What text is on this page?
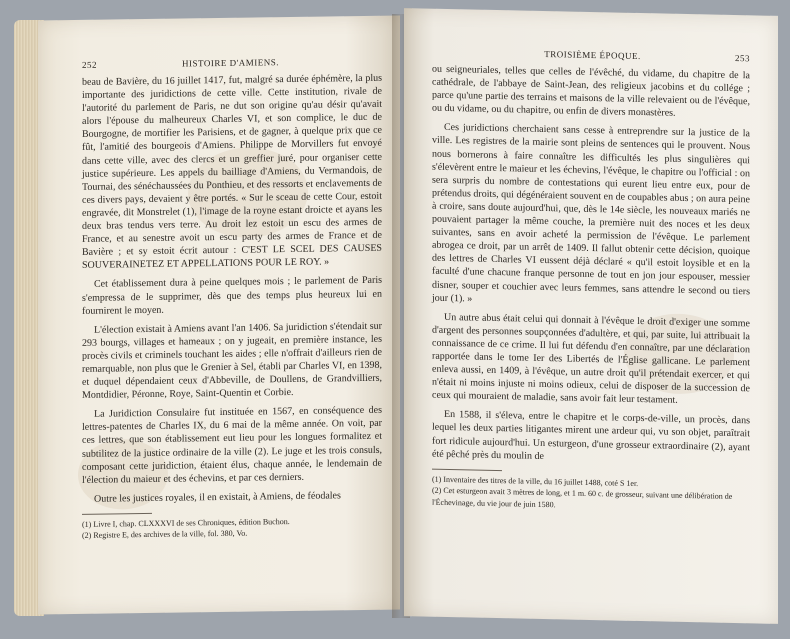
252	HISTOIRE D'AMIENS.

beau de Bavière, du 16 juillet 1417, fut, malgré sa durée éphémère, la plus importante des juridictions de cette ville. Cette institution, rivale de l'autorité du parlement de Paris, ne dut son origine qu'au désir qu'avait alors l'épouse du malheureux Charles VI, et son complice, le duc de Bourgogne, de mortifier les Parisiens, et de gagner, à quelque prix que ce fût, l'amitié des bourgeois d'Amiens. Philippe de Morvillers fut envoyé dans cette ville, avec des clercs et un greffier juré, pour organiser cette justice supérieure. Les appels du bailliage d'Amiens, du Vermandois, de Tournai, des sénéchaussées du Ponthieu, et des ressorts et enclavements de ces divers pays, devaient y être portés. « Sur le sceau de cette Cour, estoit engravée, dit Monstrelet (1), l'image de la royne estant droicte et ayans les deux bras tendus vers terre. Au droit lez estoit un escu des armes de France, et au senestre avoit un escu party des armes de France et de Bavière ; et sy estoit écrit autour : C'EST LE SCEL DES CAUSES SOUVERAINETEZ ET APPELLATIONS POUR LE ROY. »

Cet établissement dura à peine quelques mois ; le parlement de Paris s'empressa de le supprimer, dès que des temps plus heureux lui en fournirent le moyen.

L'élection existait à Amiens avant l'an 1406. Sa juridiction s'étendait sur 293 bourgs, villages et hameaux ; on y jugeait, en première instance, les procès civils et criminels touchant les aides ; elle n'offrait d'ailleurs rien de remarquable, non plus que le Grenier à Sel, établi par Charles VI, en 1398, et duquel dépendaient ceux d'Abbeville, de Doullens, de Grandvilliers, Montdidier, Péronne, Roye, Saint-Quentin et Corbie.

La Juridiction Consulaire fut instituée en 1567, en conséquence des lettres-patentes de Charles IX, du 6 mai de la même année. On voit, par ces lettres, que son établissement eut lieu pour les longues formalitez et subtilitez de la justice ordinaire de la ville (2). Le juge et les trois consuls, composant cette juridiction, étaient élus, chaque année, le lendemain de l'élection du maieur et des échevins, et par ces derniers.

Outre les justices royales, il en existait, à Amiens, de féodales

(1) Livre I, chap. CLXXXVI de ses Chroniques, édition Buchon.

(2) Registre E, des archives de la ville, fol. 380, Vo.

TROISIÈME ÉPOQUE.	253

ou seigneuriales, telles que celles de l'évêché, du vidame, du chapitre de la cathédrale, de l'abbaye de Saint-Jean, des religieux jacobins et du collége ; parce qu'une partie des terrains et maisons de la ville relevaient ou de l'évêque, ou du vidame, ou du chapitre, ou enfin de divers monastères.

Ces juridictions cherchaient sans cesse à entreprendre sur la justice de la ville. Les registres de la mairie sont pleins de sentences qui le prouvent. Nous nous bornerons à faire connaître les difficultés les plus singulières qui s'élevèrent entre le maieur et les échevins, l'évêque, le chapitre ou l'official : on sera surpris du nombre de contestations qui eurent lieu entre eux, pour de prétendus droits, qui dégénéraient souvent en de coupables abus ; on aura peine à croire, sans doute aujourd'hui, que, dès le 14e siècle, les nouveaux mariés ne pouvaient partager la même couche, la première nuit des noces et les deux suivantes, sans en avoir acheté la permission de l'évêque. Le parlement abrogea ce droit, par un arrêt de 1409. Il fallut obtenir cette décision, quoique des lettres de Charles VI eussent déjà déclaré « qu'il estoit loysible et en la faculté d'une chacune franque personne de tout en jon jour espouser, messier disner, souper et couchier avec leurs femmes, sans attendre le second ou tiers jour (1). »

Un autre abus était celui qui donnait à l'évêque le droit d'exiger une somme d'argent des personnes soupçonnées d'adultère, et qui, par suite, lui attribuait la connaissance de ce crime. Il lui fut défendu d'en connaître, par une déclaration rapportée dans le tome Ier des Libertés de l'Église gallicane. Le parlement enleva aussi, en 1409, à l'évêque, un autre droit qu'il prétendait exercer, et qui n'était ni moins injuste ni moins odieux, celui de disposer de la succession de ceux qui mouraient de maladie, sans avoir fait leur testament.

En 1588, il s'éleva, entre le chapitre et le corps-de-ville, un procès, dans lequel les deux parties litigantes mirent une ardeur qui, vu son objet, paraîtrait fort ridicule aujourd'hui. Un esturgeon, d'une grosseur extraordinaire (2), ayant été pêché près du moulin de

(1) Inventaire des titres de la ville, du 16 juillet 1488, coté S 1er.

(2) Cet esturgeon avait 3 mètres de long, et 1 m. 60 c. de grosseur, suivant une délibération de l'Échevinage, du vie jour de juin 1580.
